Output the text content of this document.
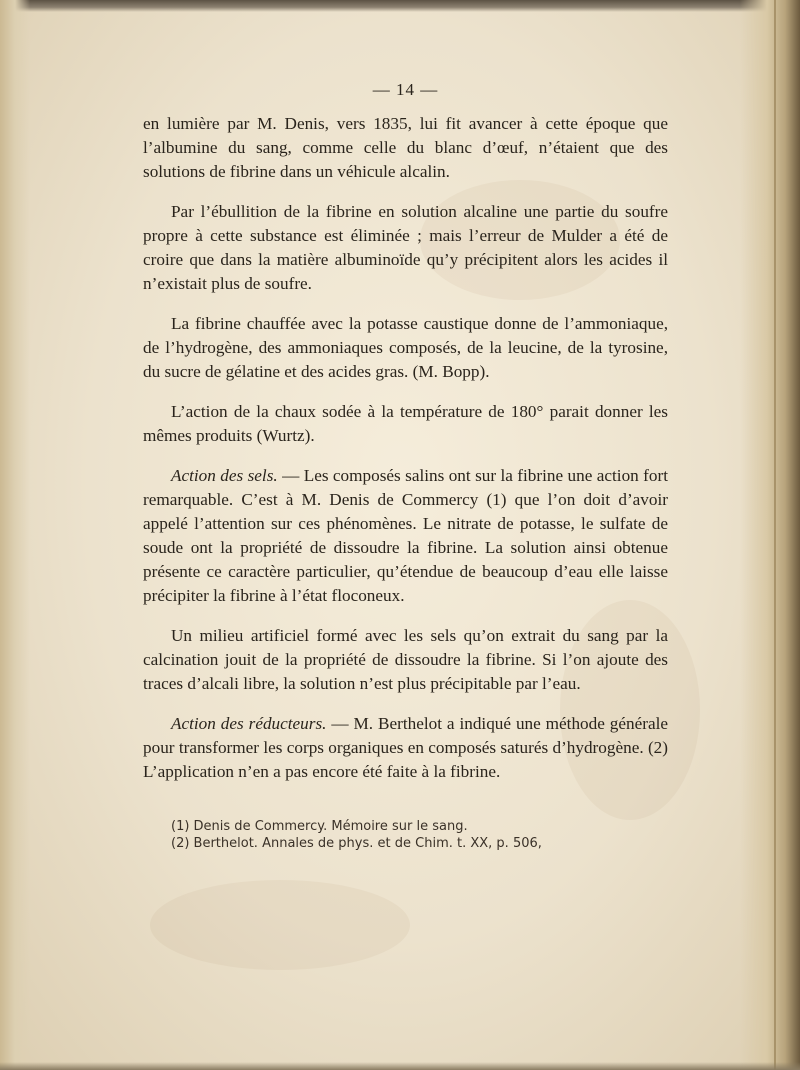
— 14 —

en lumière par M. Denis, vers 1835, lui fit avancer à cette époque que l’albumine du sang, comme celle du blanc d’œuf, n’étaient que des solutions de fibrine dans un véhicule alcalin.

Par l’ébullition de la fibrine en solution alcaline une partie du soufre propre à cette substance est éliminée ; mais l’erreur de Mulder a été de croire que dans la matière albuminoïde qu’y précipitent alors les acides il n’existait plus de soufre.

La fibrine chauffée avec la potasse caustique donne de l’ammoniaque, de l’hydrogène, des ammoniaques composés, de la leucine, de la tyrosine, du sucre de gélatine et des acides gras. (M. Bopp).

L’action de la chaux sodée à la température de 180° parait donner les mêmes produits (Wurtz).

Action des sels. — Les composés salins ont sur la fibrine une action fort remarquable. C’est à M. Denis de Commercy (1) que l’on doit d’avoir appelé l’attention sur ces phénomènes. Le nitrate de potasse, le sulfate de soude ont la propriété de dissoudre la fibrine. La solution ainsi obtenue présente ce caractère particulier, qu’étendue de beaucoup d’eau elle laisse précipiter la fibrine à l’état floconeux.

Un milieu artificiel formé avec les sels qu’on extrait du sang par la calcination jouit de la propriété de dissoudre la fibrine. Si l’on ajoute des traces d’alcali libre, la solution n’est plus précipitable par l’eau.

Action des réducteurs. — M. Berthelot a indiqué une méthode générale pour transformer les corps organiques en composés saturés d’hydrogène. (2) L’application n’en a pas encore été faite à la fibrine.

(1) Denis de Commercy. Mémoire sur le sang.

(2) Berthelot. Annales de phys. et de Chim. t. XX, p. 506,
